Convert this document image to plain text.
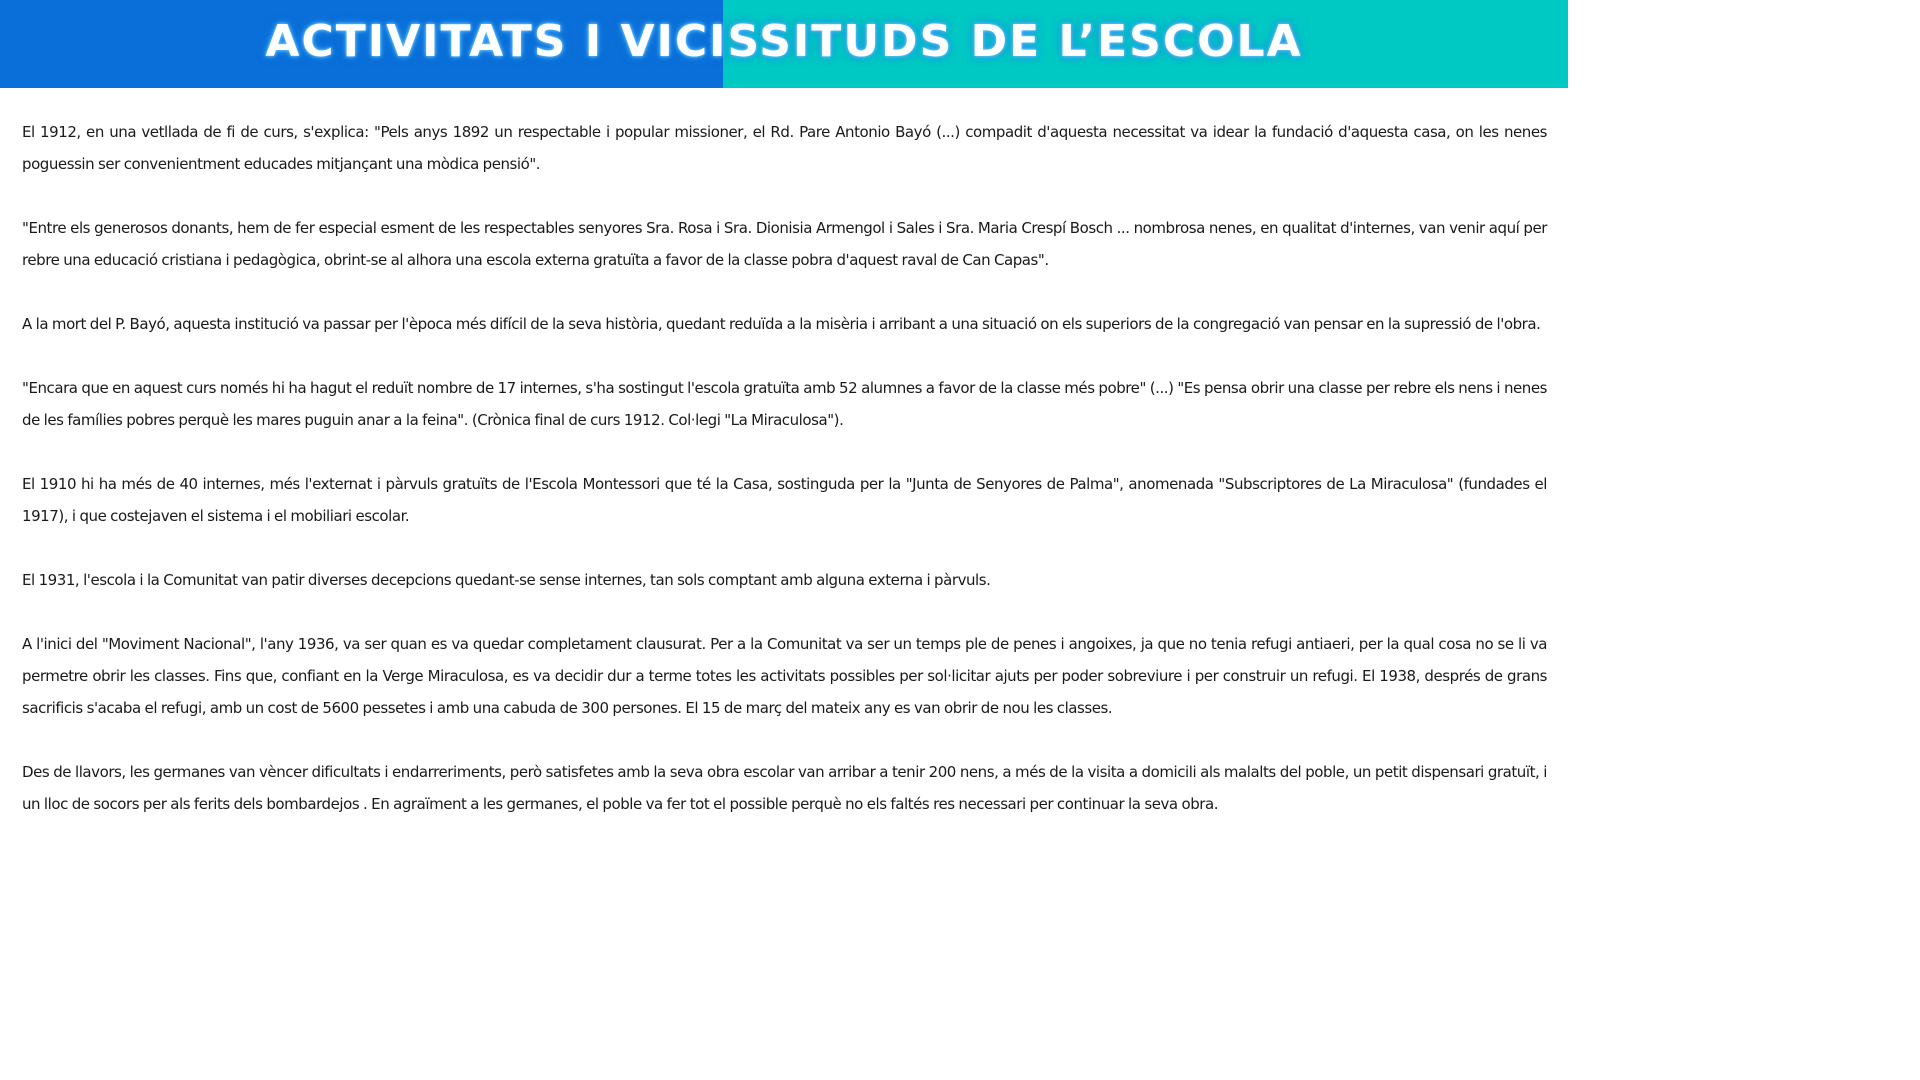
ACTIVITATS I VICISSITUDS DE L’ESCOLA

El 1912, en una vetllada de fi de curs, s'explica: "Pels anys 1892 un respectable i popular missioner, el Rd. Pare Antonio Bayó (...) compadit d'aquesta necessitat va idear la fundació d'aquesta casa, on les nenes poguessin ser convenientment educades mitjançant una mòdica pensió".

"Entre els generosos donants, hem de fer especial esment de les respectables senyores Sra. Rosa i Sra. Dionisia Armengol i Sales i Sra. Maria Crespí Bosch ... nombrosa nenes, en qualitat d'internes, van venir aquí per rebre una educació cristiana i pedagògica, obrint-se al alhora una escola externa gratuïta a favor de la classe pobra d'aquest raval de Can Capas".

A la mort del P. Bayó, aquesta institució va passar per l'època més difícil de la seva història, quedant reduïda a la misèria i arribant a una situació on els superiors de la congregació van pensar en la supressió de l'obra.

"Encara que en aquest curs només hi ha hagut el reduït nombre de 17 internes, s'ha sostingut l'escola gratuïta amb 52 alumnes a favor de la classe més pobre" (...) "Es pensa obrir una classe per rebre els nens i nenes de les famílies pobres perquè les mares puguin anar a la feina". (Crònica final de curs 1912. Col·legi "La Miraculosa").

El 1910 hi ha més de 40 internes, més l'externat i pàrvuls gratuïts de l'Escola Montessori que té la Casa, sostinguda per la "Junta de Senyores de Palma", anomenada "Subscriptores de La Miraculosa" (fundades el 1917), i que costejaven el sistema i el mobiliari escolar.

El 1931, l'escola i la Comunitat van patir diverses decepcions quedant-se sense internes, tan sols comptant amb alguna externa i pàrvuls.

A l'inici del "Moviment Nacional", l'any 1936, va ser quan es va quedar completament clausurat. Per a la Comunitat va ser un temps ple de penes i angoixes, ja que no tenia refugi antiaeri, per la qual cosa no se li va permetre obrir les classes. Fins que, confiant en la Verge Miraculosa, es va decidir dur a terme totes les activitats possibles per sol·licitar ajuts per poder sobreviure i per construir un refugi. El 1938, després de grans sacrificis s'acaba el refugi, amb un cost de 5600 pessetes i amb una cabuda de 300 persones. El 15 de març del mateix any es van obrir de nou les classes.

Des de llavors, les germanes van vèncer dificultats i endarreriments, però satisfetes amb la seva obra escolar van arribar a tenir 200 nens, a més de la visita a domicili als malalts del poble, un petit dispensari gratuït, i un lloc de socors per als ferits dels bombardejos . En agraïment a les germanes, el poble va fer tot el possible perquè no els faltés res necessari per continuar la seva obra.
